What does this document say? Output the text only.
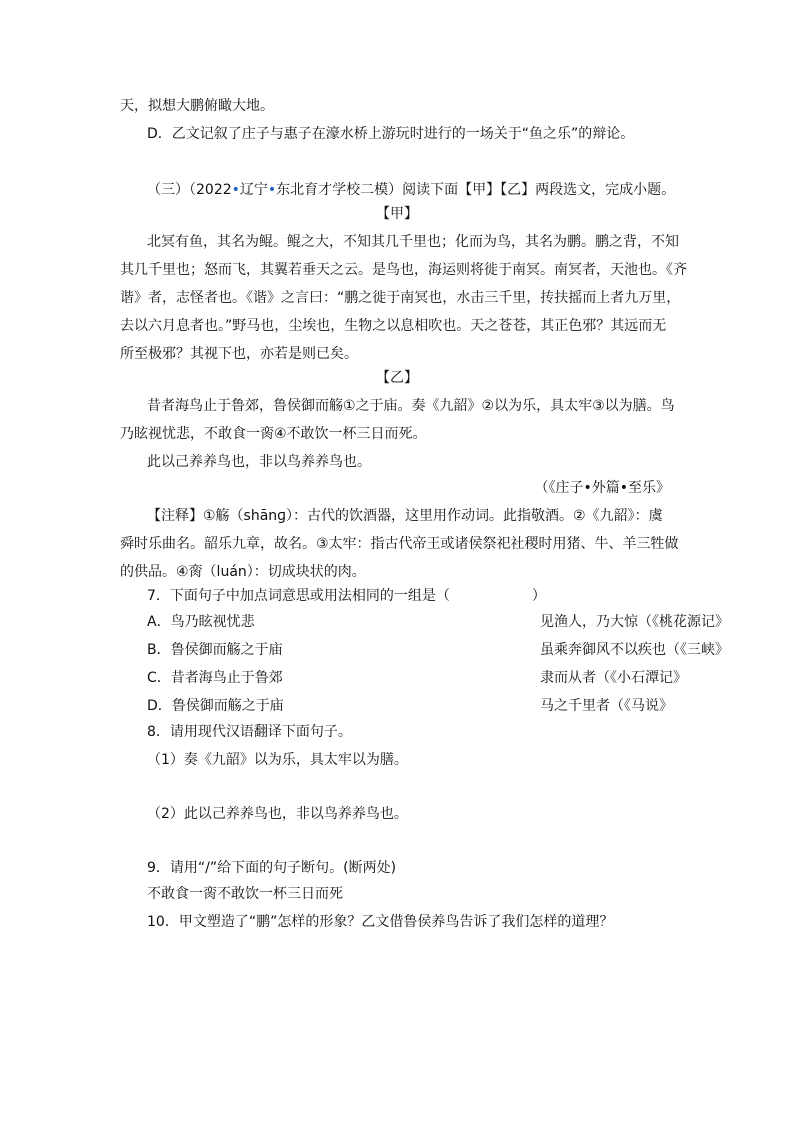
天，拟想大鹏俯瞰大地。
D．乙文记叙了庄子与惠子在濠水桥上游玩时进行的一场关于“鱼之乐”的辩论。
（三）（2022•辽宁•东北育才学校二模）阅读下面【甲】【乙】两段选文，完成小题。
【甲】
北冥有鱼，其名为鲲。鲲之大，不知其几千里也；化而为鸟，其名为鹏。鹏之背，不知
其几千里也；怒而飞，其翼若垂天之云。是鸟也，海运则将徙于南冥。南冥者，天池也。《齐
谐》者，志怪者也。《谐》之言曰：“鹏之徙于南冥也，水击三千里，抟扶摇而上者九万里，
去以六月息者也。”野马也，尘埃也，生物之以息相吹也。天之苍苍，其正色邪？其远而无
所至极邪？其视下也，亦若是则已矣。
【乙】
昔者海鸟止于鲁郊，鲁侯御而觞①之于庙。奏《九韶》②以为乐，具太牢③以为膳。鸟
乃眩视忧悲，不敢食一脔④不敢饮一杯三日而死。
此以己养养鸟也，非以鸟养养鸟也。
（《庄子•外篇•至乐》
【注释】①觞（shānɡ）：古代的饮酒器，这里用作动词。此指敬酒。②《九韶》：虞
舜时乐曲名。韶乐九章，故名。③太牢：指古代帝王或诸侯祭祀社稷时用猪、牛、羊三牲做
的供品。④脔（luán）：切成块状的肉。
7．下面句子中加点词意思或用法相同的一组是（	）
A．鸟乃眩视忧悲	见渔人，乃大惊（《桃花源记》
B．鲁侯御而觞之于庙	虽乘奔御风不以疾也（《三峡》
C．昔者海鸟止于鲁郊	隶而从者（《小石潭记》
D．鲁侯御而觞之于庙	马之千里者（《马说》
8．请用现代汉语翻译下面句子。
（1）奏《九韶》以为乐，具太牢以为膳。
（2）此以己养养鸟也，非以鸟养养鸟也。
9．请用“/”给下面的句子断句。(断两处)
不敢食一脔不敢饮一杯三日而死
10．甲文塑造了“鹏”怎样的形象？乙文借鲁侯养鸟告诉了我们怎样的道理？
